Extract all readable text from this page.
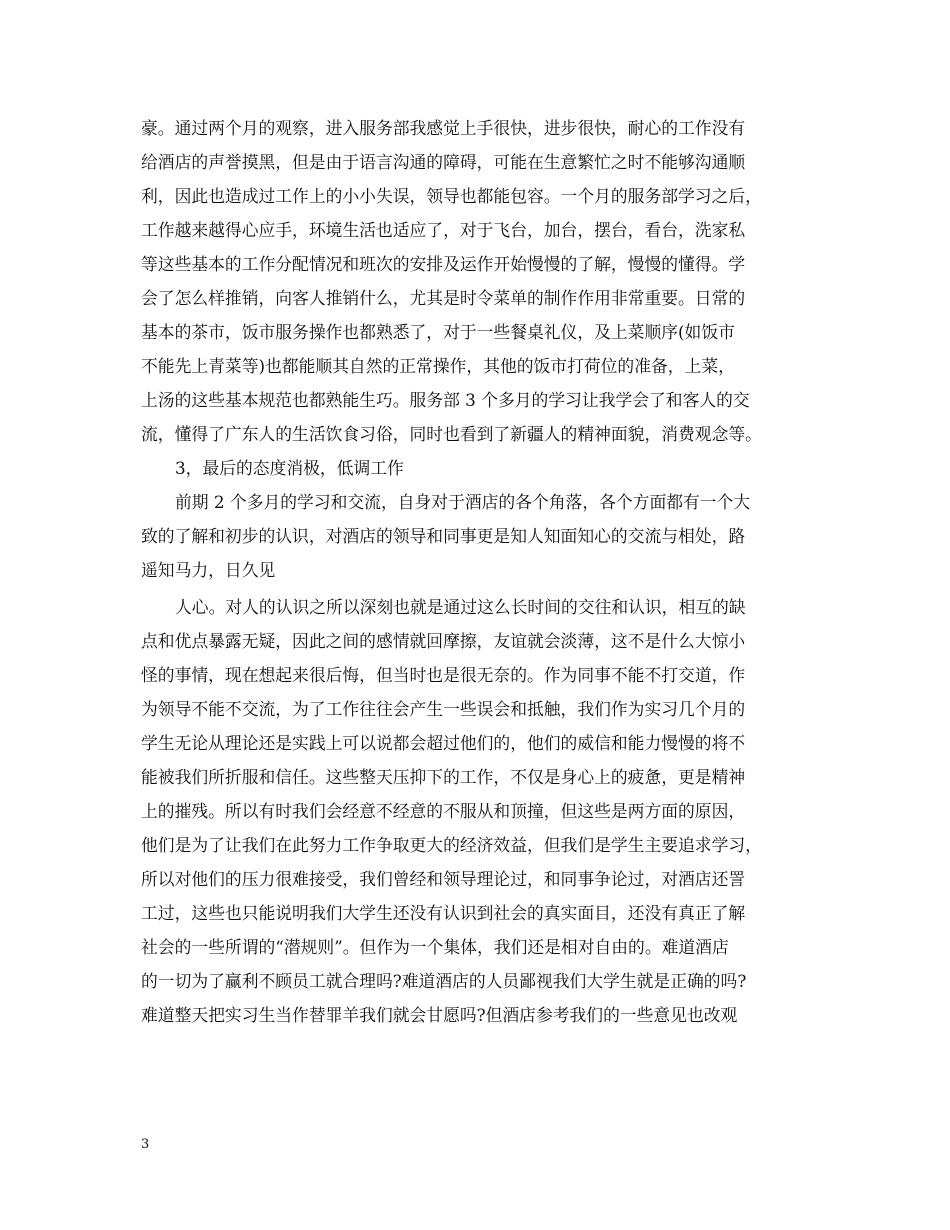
豪。通过两个月的观察，进入服务部我感觉上手很快，进步很快，耐心的工作没有
给酒店的声誉摸黑，但是由于语言沟通的障碍，可能在生意繁忙之时不能够沟通顺
利，因此也造成过工作上的小小失误，领导也都能包容。一个月的服务部学习之后，
工作越来越得心应手，环境生活也适应了，对于飞台，加台，摆台，看台，洗家私
等这些基本的工作分配情况和班次的安排及运作开始慢慢的了解，慢慢的懂得。学
会了怎么样推销，向客人推销什么，尤其是时令菜单的制作作用非常重要。日常的
基本的茶市，饭市服务操作也都熟悉了，对于一些餐桌礼仪，及上菜顺序(如饭市
不能先上青菜等)也都能顺其自然的正常操作，其他的饭市打荷位的准备，上菜，
上汤的这些基本规范也都熟能生巧。服务部 3 个多月的学习让我学会了和客人的交
流，懂得了广东人的生活饮食习俗，同时也看到了新疆人的精神面貌，消费观念等。
3，最后的态度消极，低调工作
前期 2 个多月的学习和交流，自身对于酒店的各个角落，各个方面都有一个大
致的了解和初步的认识，对酒店的领导和同事更是知人知面知心的交流与相处，路
遥知马力，日久见
人心。对人的认识之所以深刻也就是通过这么长时间的交往和认识，相互的缺
点和优点暴露无疑，因此之间的感情就回摩擦，友谊就会淡薄，这不是什么大惊小
怪的事情，现在想起来很后悔，但当时也是很无奈的。作为同事不能不打交道，作
为领导不能不交流，为了工作往往会产生一些误会和抵触，我们作为实习几个月的
学生无论从理论还是实践上可以说都会超过他们的，他们的威信和能力慢慢的将不
能被我们所折服和信任。这些整天压抑下的工作，不仅是身心上的疲惫，更是精神
上的摧残。所以有时我们会经意不经意的不服从和顶撞，但这些是两方面的原因，
他们是为了让我们在此努力工作争取更大的经济效益，但我们是学生主要追求学习，
所以对他们的压力很难接受，我们曾经和领导理论过，和同事争论过，对酒店还詈
工过，这些也只能说明我们大学生还没有认识到社会的真实面目，还没有真正了解
社会的一些所谓的“潜规则”。但作为一个集体，我们还是相对自由的。难道酒店
的一切为了赢利不顾员工就合理吗?难道酒店的人员鄙视我们大学生就是正确的吗?
难道整天把实习生当作替罪羊我们就会甘愿吗?但酒店参考我们的一些意见也改观
3
